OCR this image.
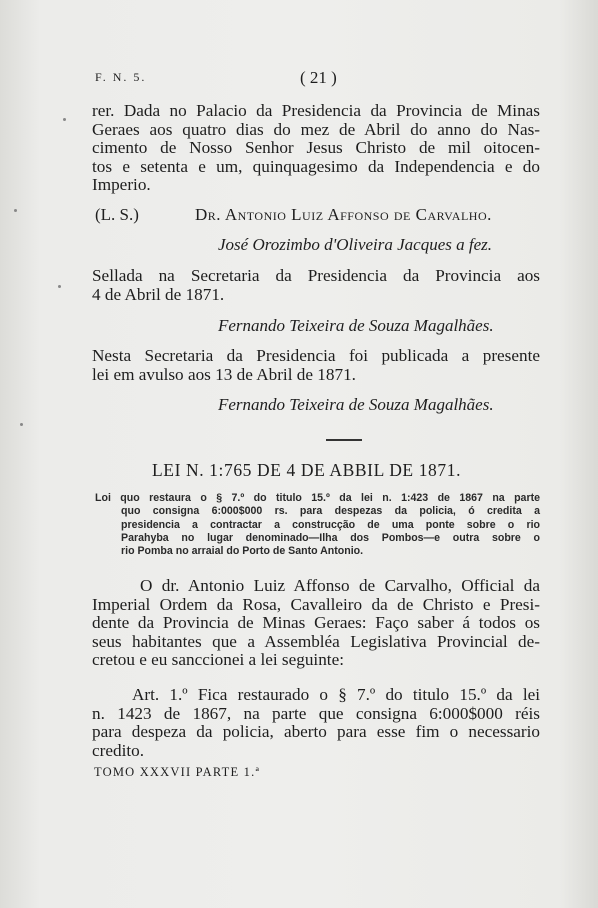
F. N. 5.	( 21 )
rer. Dada no Palacio da Presidencia da Provincia de Minas
Geraes aos quatro dias do mez de Abril do anno do Nas-
cimento de Nosso Senhor Jesus Christo de mil oitocen-
tos e setenta e um, quinquagesimo da Independencia e do
Imperio.
(L. S.)	Dr. Antonio Luiz Affonso de Carvalho.
José Orozimbo d'Oliveira Jacques a fez.
Sellada na Secretaria da Presidencia da Provincia aos
4 de Abril de 1871.
Fernando Teixeira de Souza Magalhães.
Nesta Secretaria da Presidencia foi publicada a presente
lei em avulso aos 13 de Abril de 1871.
Fernando Teixeira de Souza Magalhães.
LEI N. 1:765 DE 4 DE ABBIL DE 1871.
Loi quo restaura o § 7.º do titulo 15.º da lei n. 1:423 de 1867 na parte
quo consigna 6:000$000 rs. para despezas da policia, ó credita a
presidencia a contractar a construcção de uma ponte sobre o rio
Parahyba no lugar denominado—Ilha dos Pombos—e outra sobre o
rio Pomba no arraial do Porto de Santo Antonio.
O dr. Antonio Luiz Affonso de Carvalho, Official da
Imperial Ordem da Rosa, Cavalleiro da de Christo e Presi-
dente da Provincia de Minas Geraes: Faço saber á todos os
seus habitantes que a Assembléa Legislativa Provincial de-
cretou e eu sanccionei a lei seguinte:
Art. 1.º Fica restaurado o § 7.º do titulo 15.º da lei
n. 1423 de 1867, na parte que consigna 6:000$000 réis
para despeza da policia, aberto para esse fim o necessario
credito.
TOMO XXXVII PARTE 1.ª
